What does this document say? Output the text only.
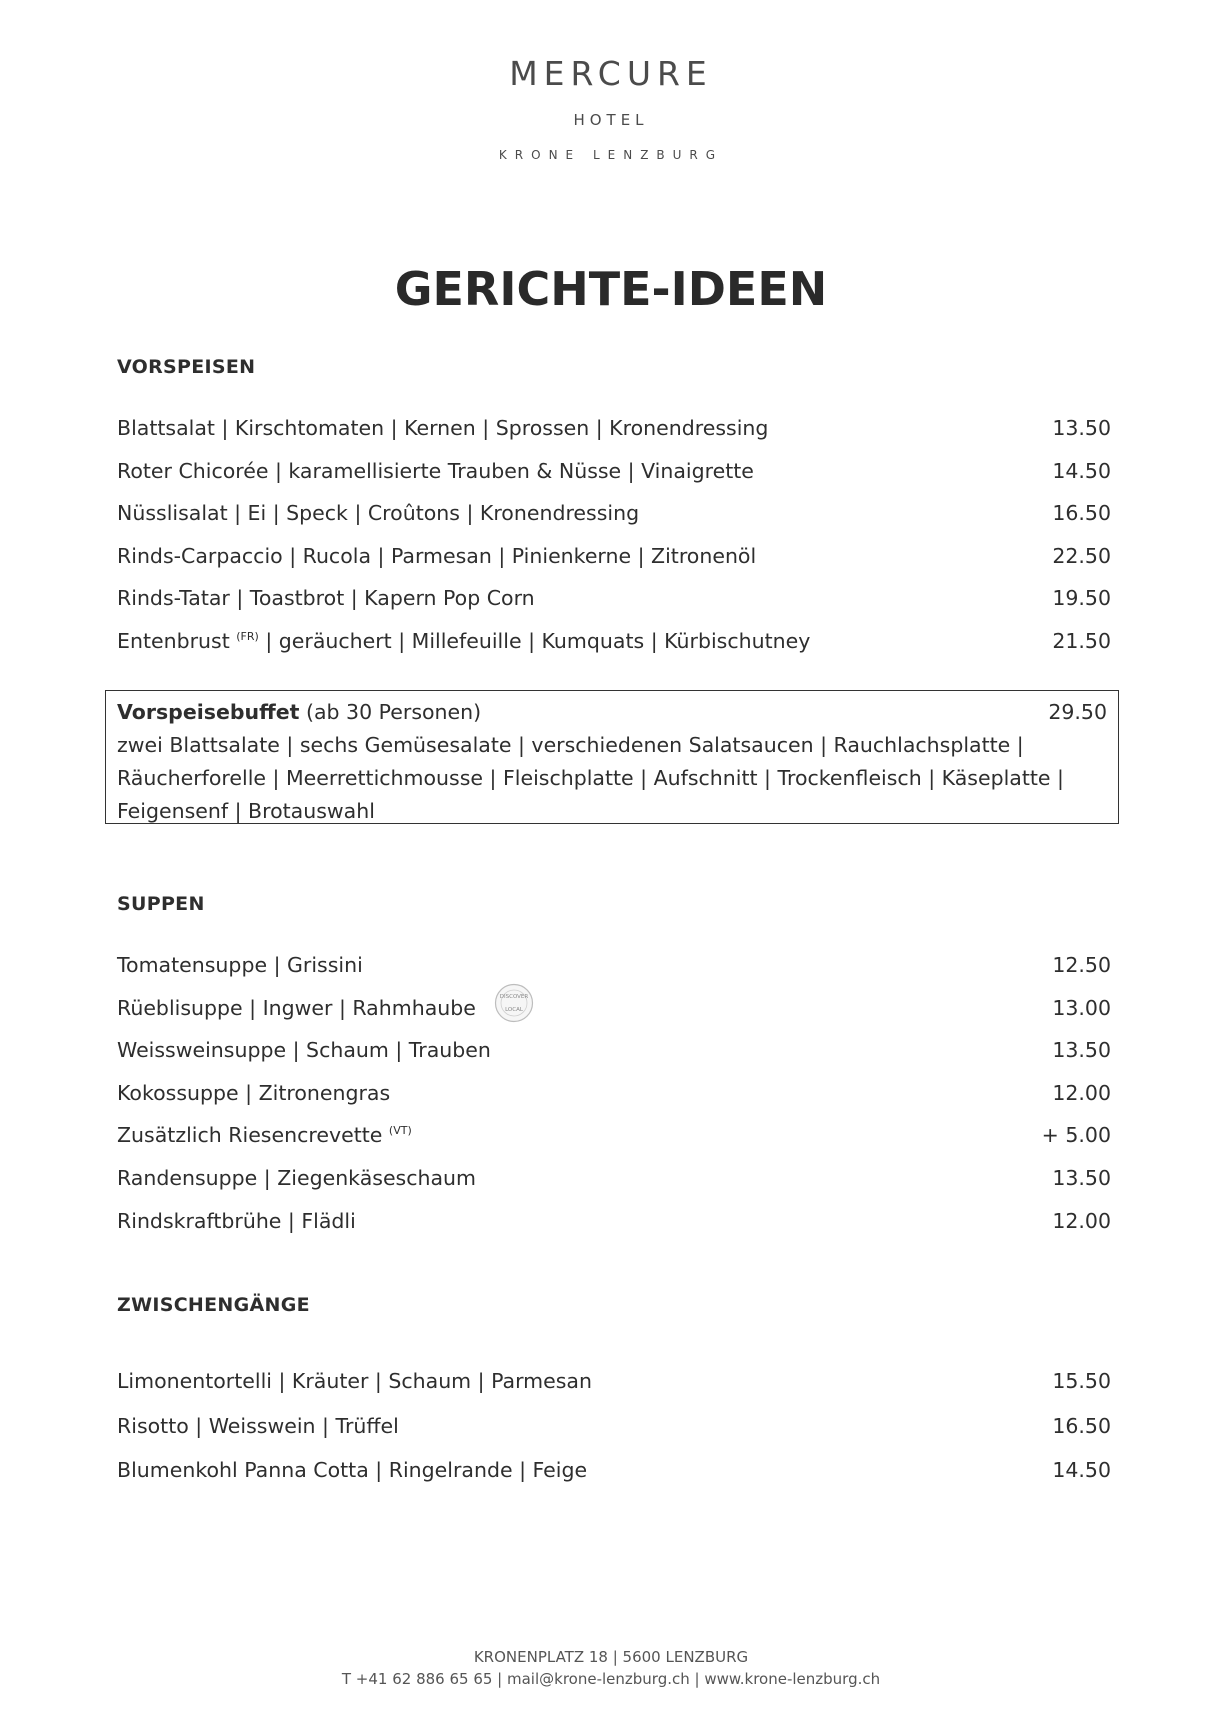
MERCURE
HOTEL
KRONE LENZBURG
GERICHTE-IDEEN
VORSPEISEN
Blattsalat | Kirschtomaten | Kernen | Sprossen | Kronendressing	13.50
Roter Chicorée | karamellisierte Trauben & Nüsse | Vinaigrette	14.50
Nüsslisalat | Ei | Speck | Croûtons | Kronendressing	16.50
Rinds-Carpaccio | Rucola | Parmesan | Pinienkerne | Zitronenöl	22.50
Rinds-Tatar | Toastbrot | Kapern Pop Corn	19.50
Entenbrust $^{(FR)}$ | geräuchert | Millefeuille | Kumquats | Kürbischutney	21.50
Vorspeisebuffet (ab 30 Personen)	29.50
zwei Blattsalate | sechs Gemüsesalate | verschiedenen Salatsaucen | Rauchlachsplatte |
Räucherforelle | Meerrettichmousse | Fleischplatte | Aufschnitt | Trockenfleisch | Käseplatte |
Feigensenf | Brotauswahl
SUPPEN
Tomatensuppe | Grissini	12.50
Rüeblisuppe | Ingwer | Rahmhaube	13.00
Weissweinsuppe | Schaum | Trauben	13.50
Kokossuppe | Zitronengras	12.00
Zusätzlich Riesencrevette $^{(VT)}$	+ 5.00
Randensuppe | Ziegenkäseschaum	13.50
Rindskraftbrühe | Flädli	12.00
DISCOVER
LOCAL
ZWISCHENGÄNGE
Limonentortelli | Kräuter | Schaum | Parmesan	15.50
Risotto | Weisswein | Trüffel	16.50
Blumenkohl Panna Cotta | Ringelrande | Feige	14.50
KRONENPLATZ 18 | 5600 LENZBURG
T +41 62 886 65 65 | mail@krone-lenzburg.ch | www.krone-lenzburg.ch
